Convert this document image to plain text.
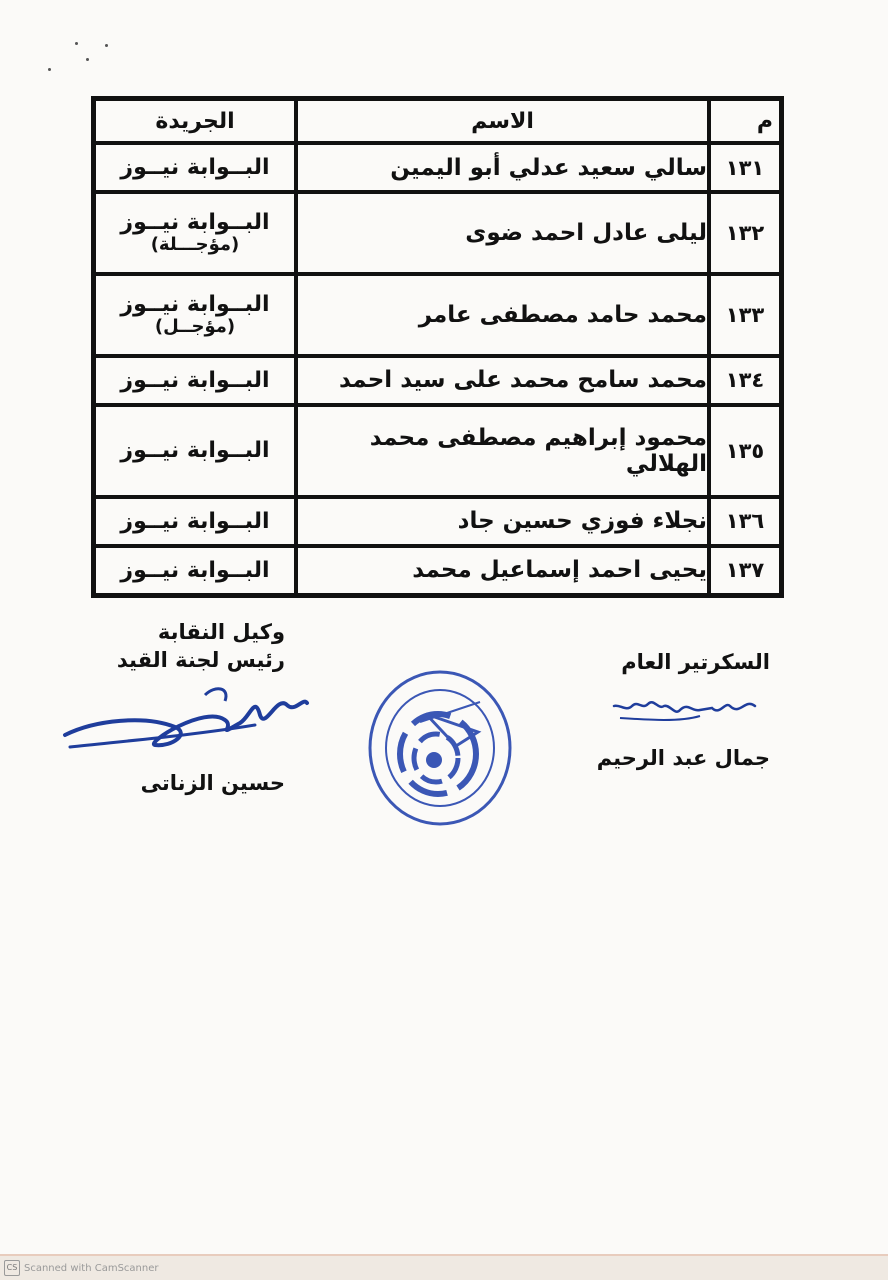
م	الاسم	الجريدة
١٣١	سالي سعيد عدلي أبو اليمين	البــوابة نيــوز
١٣٢	ليلى عادل احمد ضوى	البــوابة نيــوز
(مؤجـــلة)

١٣٣	محمد حامد مصطفى عامر	البــوابة نيــوز
(مؤجــل)

١٣٤	محمد سامح محمد على سيد احمد	البــوابة نيــوز
١٣٥	محمود إبراهيم مصطفى محمد الهلالي	البــوابة نيــوز
١٣٦	نجلاء فوزي حسين جاد	البــوابة نيــوز
١٣٧	يحيى احمد إسماعيل محمد	البــوابة نيــوز
وكيل النقابة
رئيس لجنة القيد
حسين الزناتى
السكرتير العام
جمال عبد الرحيم
CS Scanned with CamScanner
